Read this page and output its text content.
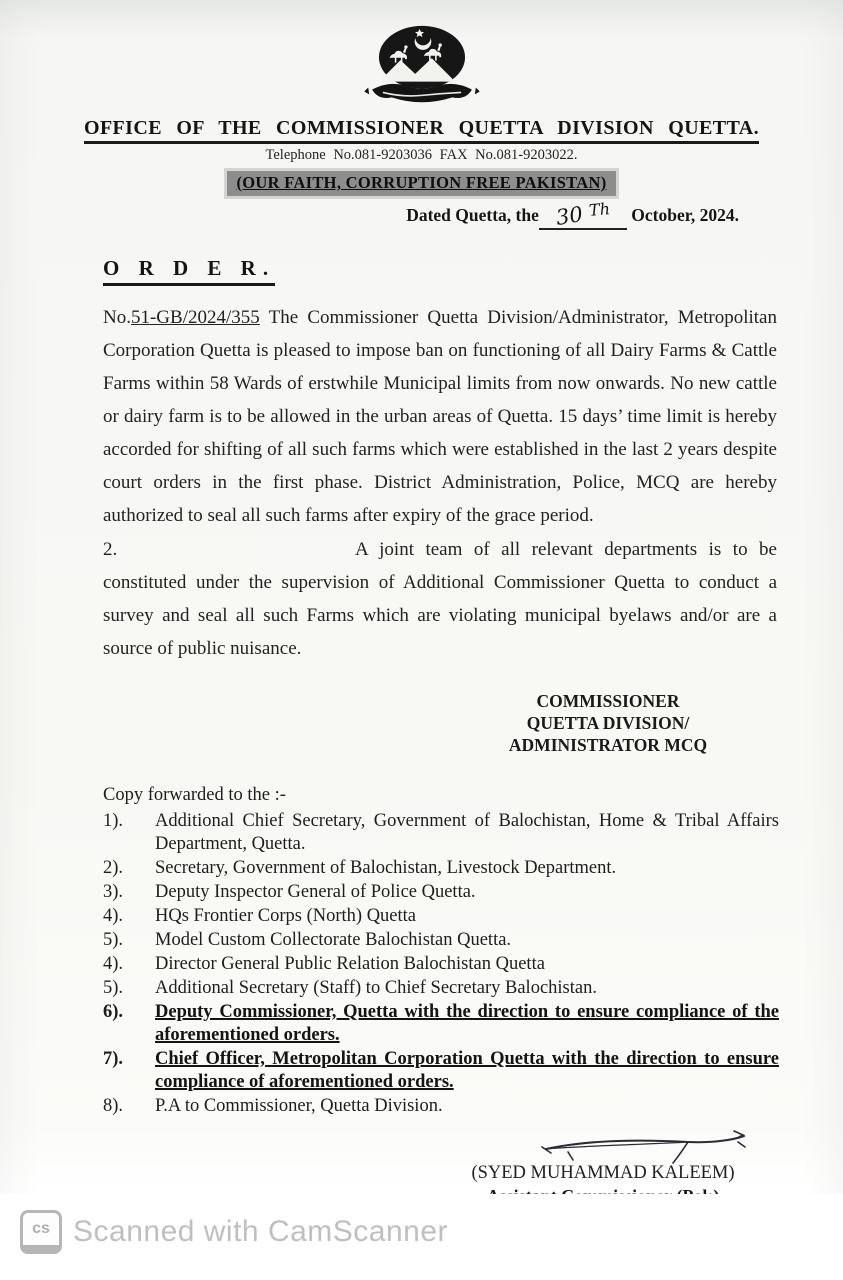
OFFICE OF THE COMMISSIONER QUETTA DIVISION QUETTA.
Telephone No.081-9203036 FAX No.081-9203022.
(OUR FAITH, CORRUPTION FREE PAKISTAN)
Dated Quetta, the 30 Th October, 2024.
O R D E R.

No.51-GB/2024/355 The Commissioner Quetta Division/Administrator, Metropolitan Corporation Quetta is pleased to impose ban on functioning of all Dairy Farms & Cattle Farms within 58 Wards of erstwhile Municipal limits from now onwards. No new cattle or dairy farm is to be allowed in the urban areas of Quetta. 15 days’ time limit is hereby accorded for shifting of all such farms which were established in the last 2 years despite court orders in the first phase. District Administration, Police, MCQ are hereby authorized to seal all such farms after expiry of the grace period.

2.	A joint team of all relevant departments is to be constituted under the supervision of Additional Commissioner Quetta to conduct a survey and seal all such Farms which are violating municipal byelaws and/or are a source of public nuisance.

COMMISSIONER
QUETTA DIVISION/
ADMINISTRATOR MCQ
Copy forwarded to the :-
1).	Additional Chief Secretary, Government of Balochistan, Home & Tribal Affairs Department, Quetta.
2).	Secretary, Government of Balochistan, Livestock Department.
3).	Deputy Inspector General of Police Quetta.
4).	HQs Frontier Corps (North) Quetta
5).	Model Custom Collectorate Balochistan Quetta.
4).	Director General Public Relation Balochistan Quetta
5).	Additional Secretary (Staff) to Chief Secretary Balochistan.
6).	Deputy Commissioner, Quetta with the direction to ensure compliance of the aforementioned orders.
7).	Chief Officer, Metropolitan Corporation Quetta with the direction to ensure compliance of aforementioned orders.
8).	P.A to Commissioner, Quetta Division.
(SYED MUHAMMAD KALEEM)
cs Scanned with CamScanner
